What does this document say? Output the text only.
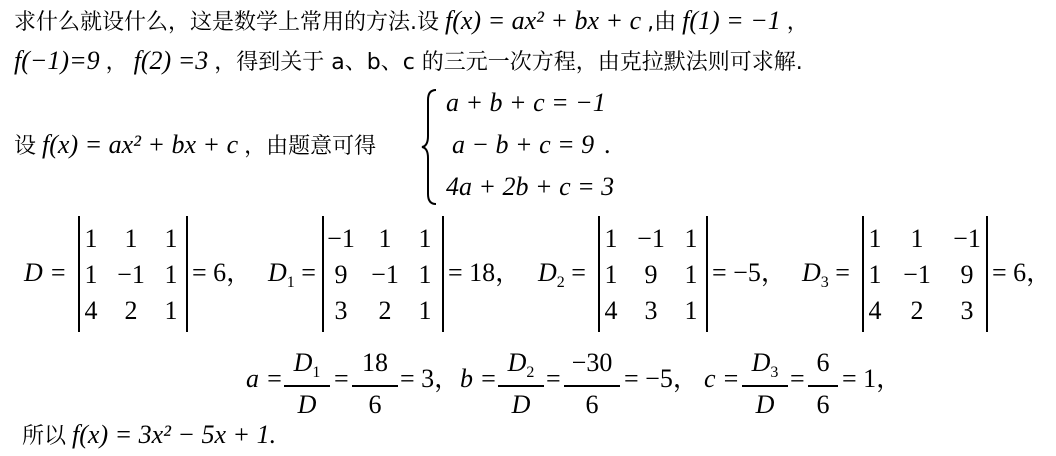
求什么就设什么，这是数学上常用的方法.设 f(x) = ax² + bx + c ,由 f(1) = −1 ，
f(−1)=9 ， f(2) =3 ，得到关于 a、b、c 的三元一次方程，由克拉默法则可求解.
设 f(x) = ax² + bx + c ，由题意可得
a + b + c = −1
a − b + c = 9
4a + 2b + c = 3
.
D =
1	1	1
1 −1 1
4	2	1
= 6， $D_1$ =
−1 1	1
9 −1 1
3	2	1
= 18， $D_2$ =
1 −1 1
1	9	1
4	3	1
= −5， $D_3$ =
1	1	−1
1 −1	9
4	2	3
= 6，
a =
$D_1$
D
=
18
6
= 3， b =
$D_2$
D
=
−30
6
= −5， c =
$D_3$
D
=
6
6
= 1，
所以 f(x) = 3x² − 5x + 1.
